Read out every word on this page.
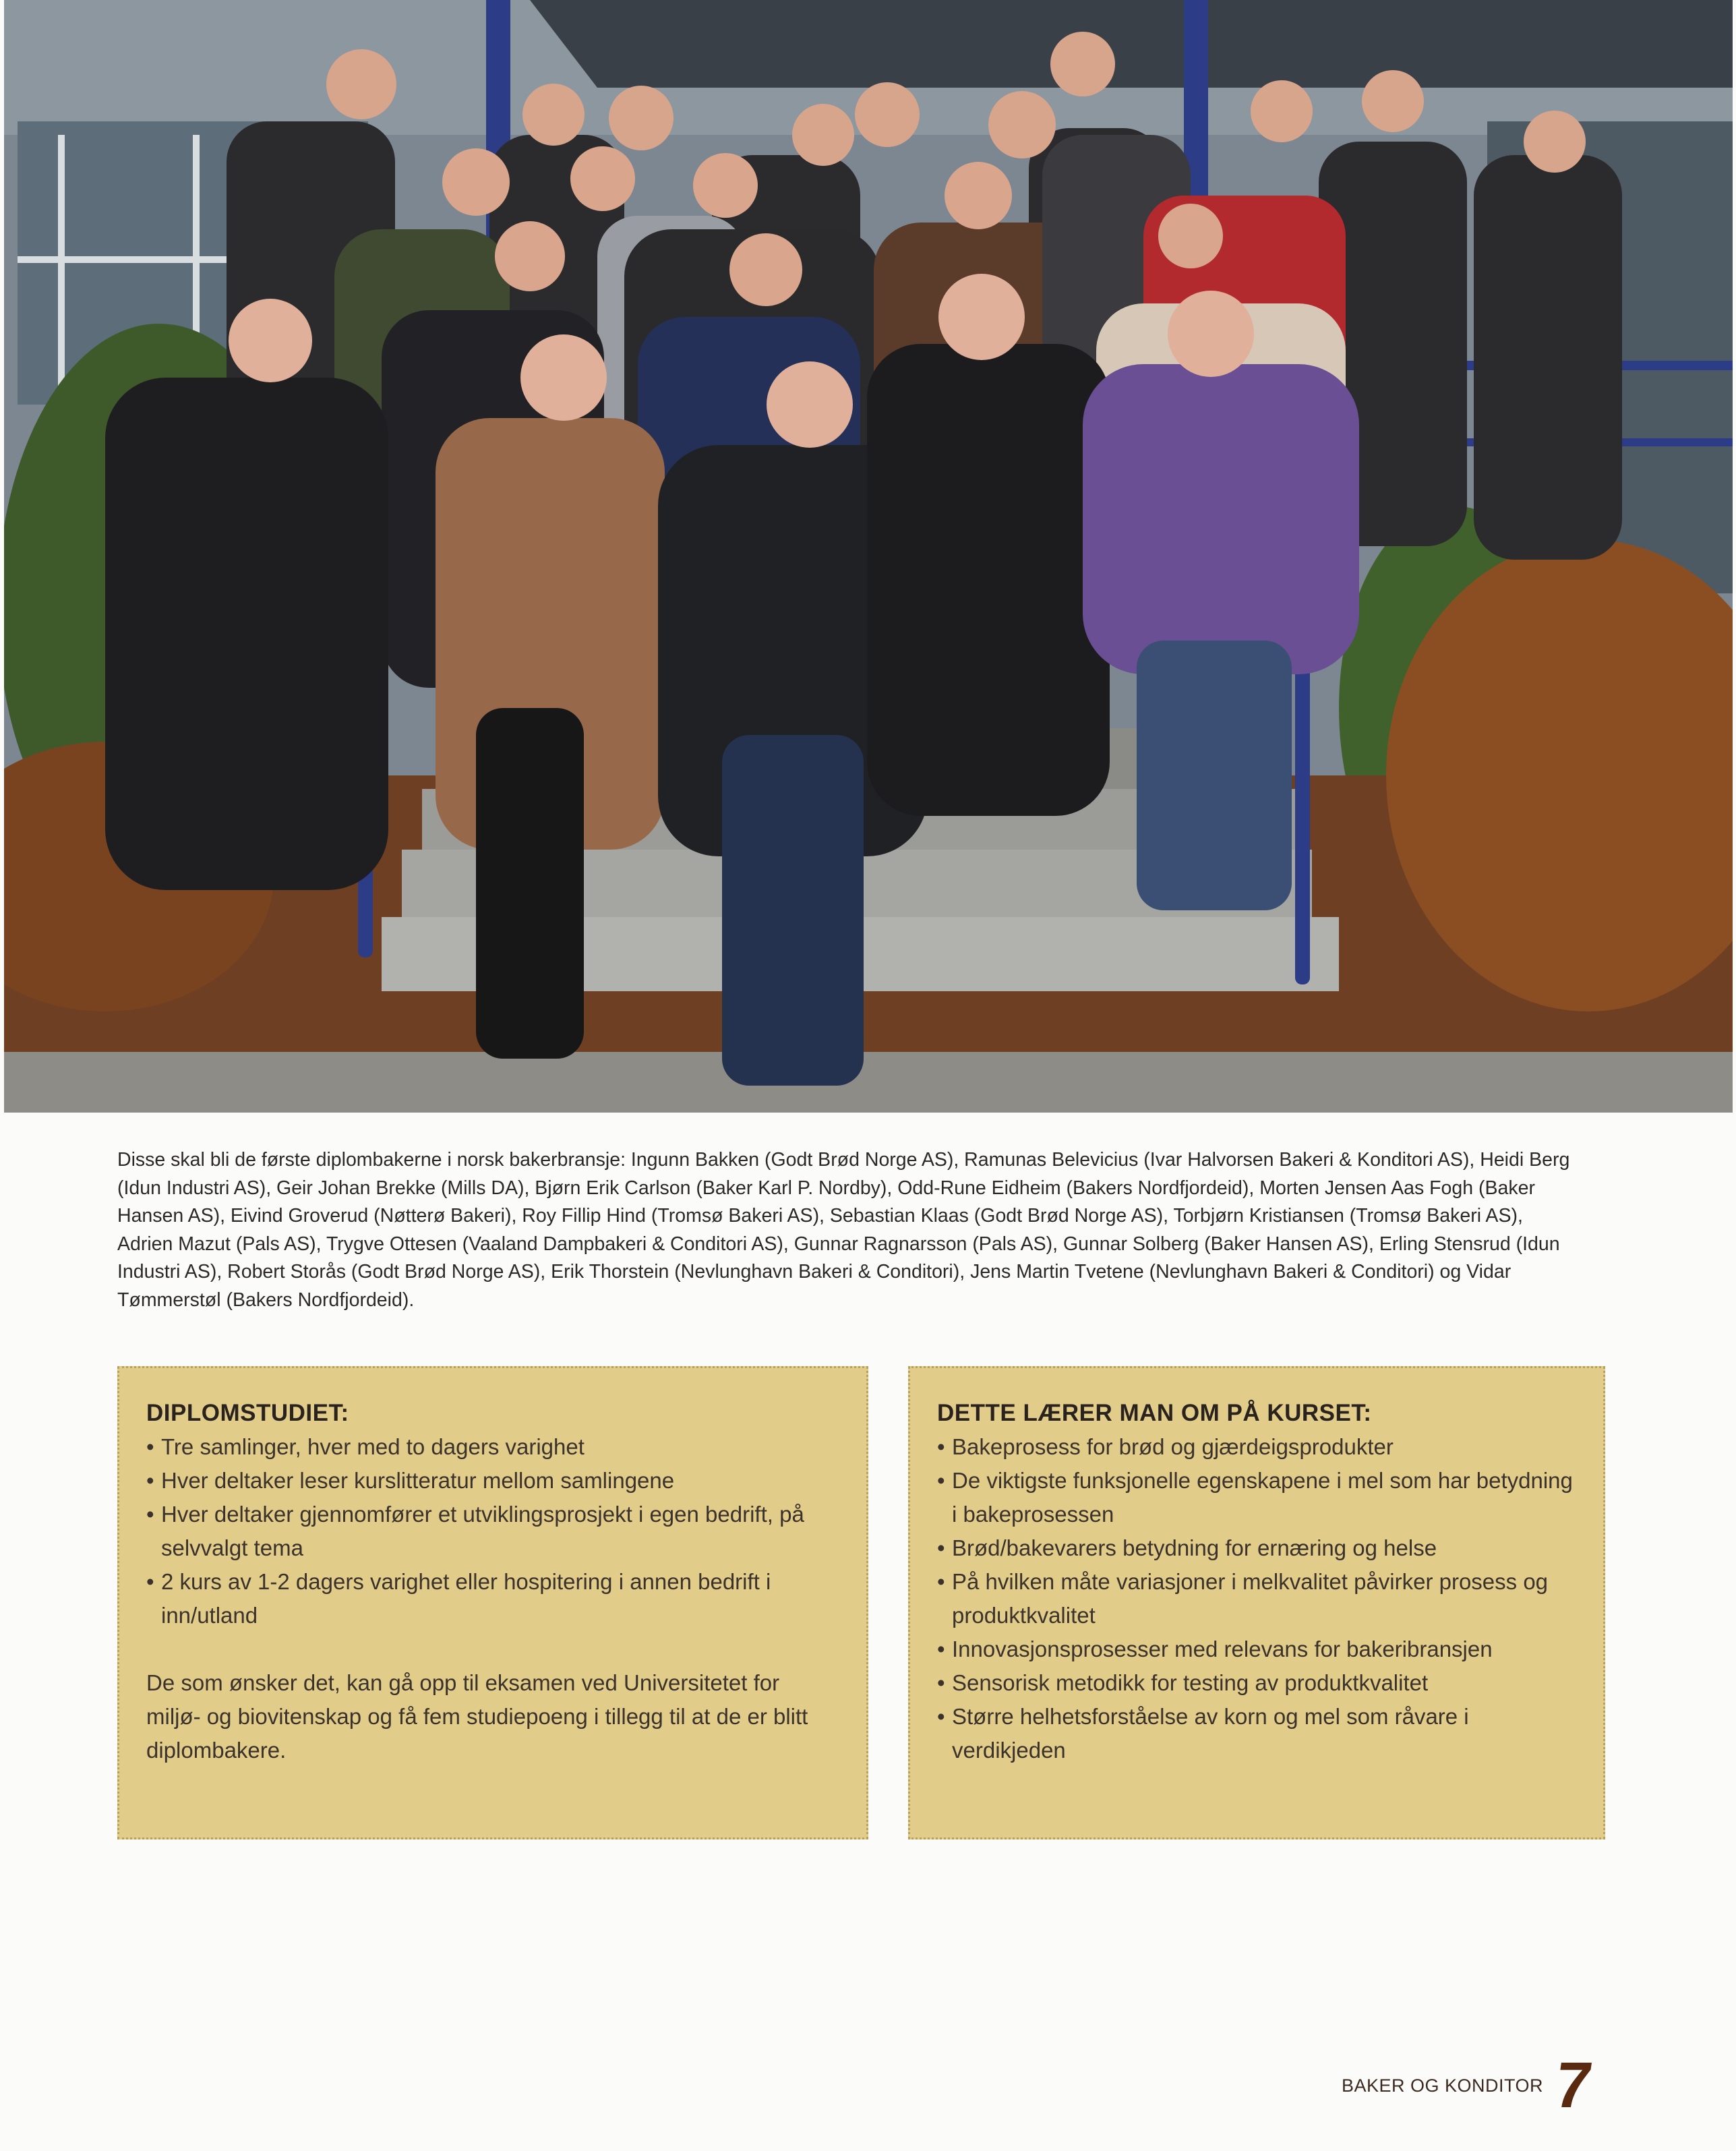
Disse skal bli de første diplombakerne i norsk bakerbransje: Ingunn Bakken (Godt Brød Norge AS), Ramunas Belevicius (Ivar Halvorsen Bakeri & Konditori AS), Heidi Berg (Idun Industri AS), Geir Johan Brekke (Mills DA), Bjørn Erik Carlson (Baker Karl P. Nordby), Odd-Rune Eidheim (Bakers Nordfjordeid), Morten Jensen Aas Fogh (Baker Hansen AS), Eivind Groverud (Nøtterø Bakeri), Roy Fillip Hind (Tromsø Bakeri AS), Sebastian Klaas (Godt Brød Norge AS), Torbjørn Kristiansen (Tromsø Bakeri AS), Adrien Mazut (Pals AS), Trygve Ottesen (Vaaland Dampbakeri & Conditori AS), Gunnar Ragnarsson (Pals AS), Gunnar Solberg (Baker Hansen AS), Erling Stensrud (Idun Industri AS), Robert Storås (Godt Brød Norge AS), Erik Thorstein (Nevlunghavn Bakeri & Conditori), Jens Martin Tvetene (Nevlunghavn Bakeri & Conditori) og Vidar Tømmerstøl (Bakers Nordfjordeid).

DIPLOMSTUDIET:
• Tre samlinger, hver med to dagers varighet
• Hver deltaker leser kurslitteratur mellom samlingene
• Hver deltaker gjennomfører et utviklingsprosjekt i egen bedrift, på selvvalgt tema
• 2 kurs av 1-2 dagers varighet eller hospitering i annen bedrift i inn/utland

De som ønsker det, kan gå opp til eksamen ved Universitetet for miljø- og biovitenskap og få fem studiepoeng i tillegg til at de er blitt diplombakere.

DETTE LÆRER MAN OM PÅ KURSET:
• Bakeprosess for brød og gjærdeigsprodukter
• De viktigste funksjonelle egenskapene i mel som har betydning i bakeprosessen
• Brød/bakevarers betydning for ernæring og helse
• På hvilken måte variasjoner i melkvalitet påvirker prosess og produktkvalitet
• Innovasjonsprosesser med relevans for bakeribransjen
• Sensorisk metodikk for testing av produktkvalitet
• Større helhetsforståelse av korn og mel som råvare i verdikjeden
BAKER OG KONDITOR 7
